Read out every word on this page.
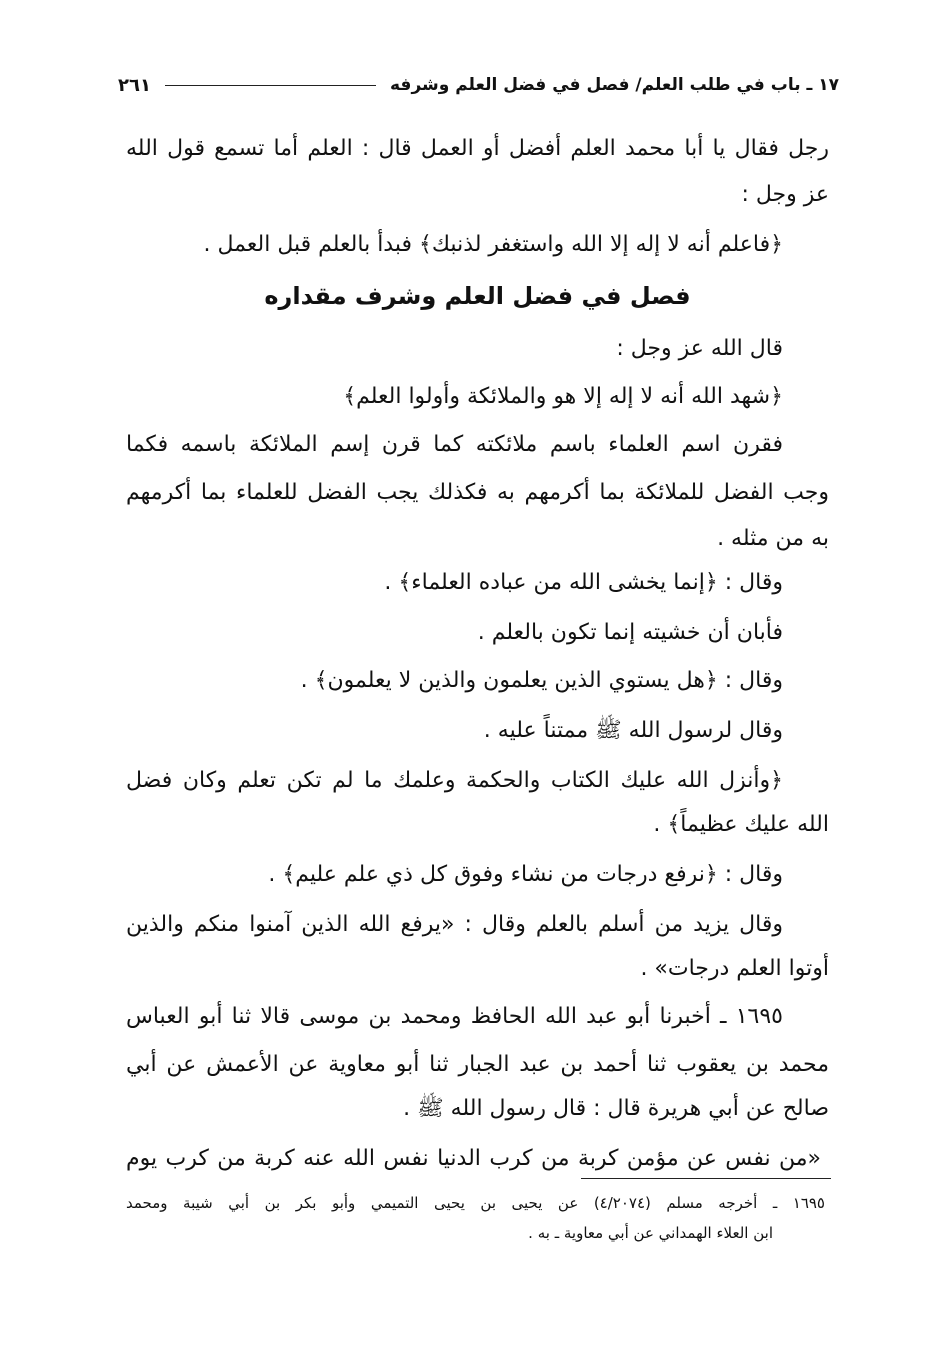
١٧ ـ باب في طلب العلم/ فصل في فضل العلم وشرفه
٢٦١
رجل فقال يا أبا محمد العلم أفضل أو العمل قال : العلم أما تسمع قول الله
عز وجل :
﴿فاعلم أنه لا إله إلا الله واستغفر لذنبك﴾ فبدأ بالعلم قبل العمل .
فصل في فضل العلم وشرف مقداره
قال الله عز وجل :
﴿شهد الله أنه لا إله إلا هو والملائكة وأولوا العلم﴾
فقرن اسم العلماء باسم ملائكته كما قرن إسم الملائكة باسمه فكما
وجب الفضل للملائكة بما أكرمهم به فكذلك يجب الفضل للعلماء بما أكرمهم
به من مثله .
وقال : ﴿إنما يخشى الله من عباده العلماء﴾ .
فأبان أن خشيته إنما تكون بالعلم .
وقال : ﴿هل يستوي الذين يعلمون والذين لا يعلمون﴾ .
وقال لرسول الله ﷺ ممتناً عليه .
﴿وأنزل الله عليك الكتاب والحكمة وعلمك ما لم تكن تعلم وكان فضل
الله عليك عظيماً﴾ .
وقال : ﴿نرفع درجات من نشاء وفوق كل ذي علم عليم﴾ .
وقال يزيد من أسلم بالعلم وقال : «يرفع الله الذين آمنوا منكم والذين
أوتوا العلم درجات» .
١٦٩٥ ـ أخبرنا أبو عبد الله الحافظ ومحمد بن موسى قالا ثنا أبو العباس
محمد بن يعقوب ثنا أحمد بن عبد الجبار ثنا أبو معاوية عن الأعمش عن أبي
صالح عن أبي هريرة قال : قال رسول الله ﷺ .
«من نفس عن مؤمن كربة من كرب الدنيا نفس الله عنه كربة من كرب يوم
١٦٩٥ ـ أخرجه مسلم (٤/٢٠٧٤) عن يحيى بن يحيى التميمي وأبو بكر بن أبي شيبة ومحمد
ابن العلاء الهمداني عن أبي معاوية ـ به .
